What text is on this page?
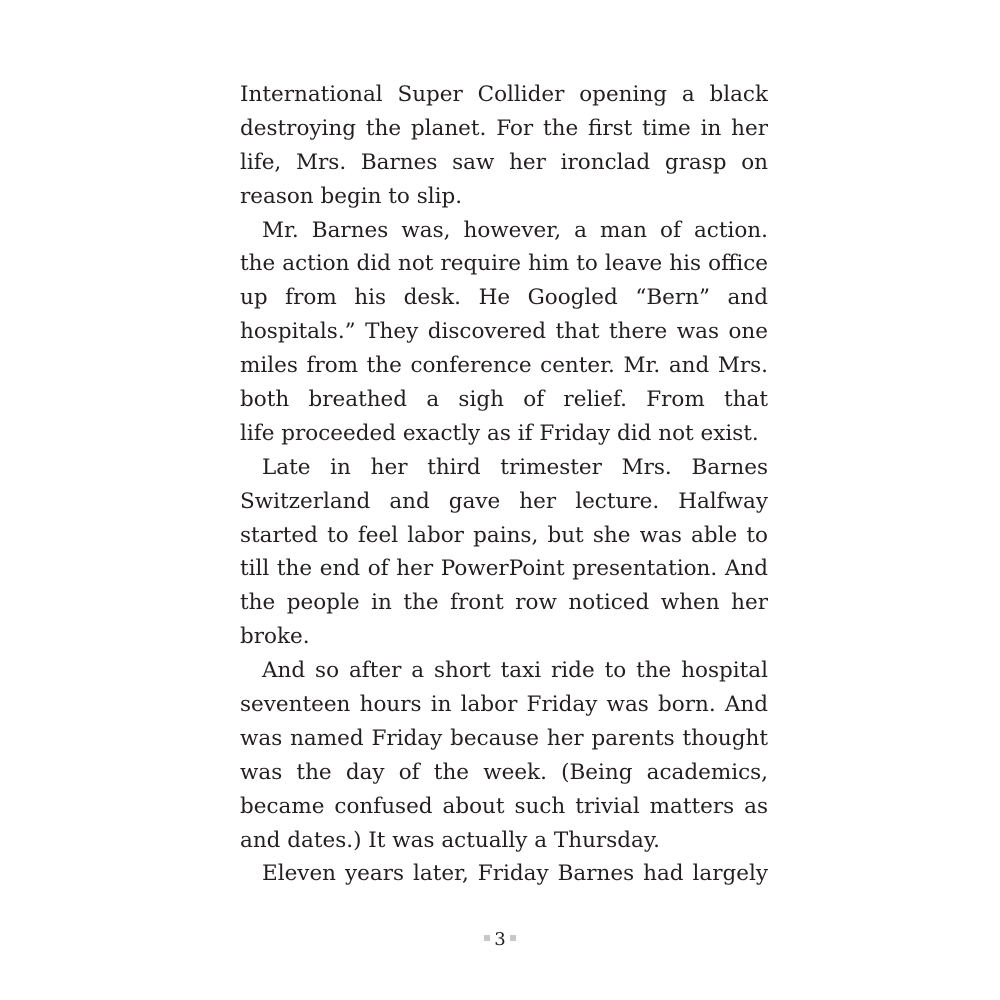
International Super Collider opening a black
destroying the planet. For the first time in her
life, Mrs. Barnes saw her ironclad grasp on
reason begin to slip.
Mr. Barnes was, however, a man of action.
the action did not require him to leave his office
up from his desk. He Googled “Bern” and
hospitals.” They discovered that there was one
miles from the conference center. Mr. and Mrs.
both breathed a sigh of relief. From that
life proceeded exactly as if Friday did not exist.
Late in her third trimester Mrs. Barnes
Switzerland and gave her lecture. Halfway
started to feel labor pains, but she was able to
till the end of her PowerPoint presentation. And
the people in the front row noticed when her
broke.
And so after a short taxi ride to the hospital
seventeen hours in labor Friday was born. And
was named Friday because her parents thought
was the day of the week. (Being academics,
became confused about such trivial matters as
and dates.) It was actually a Thursday.
Eleven years later, Friday Barnes had largely
3
